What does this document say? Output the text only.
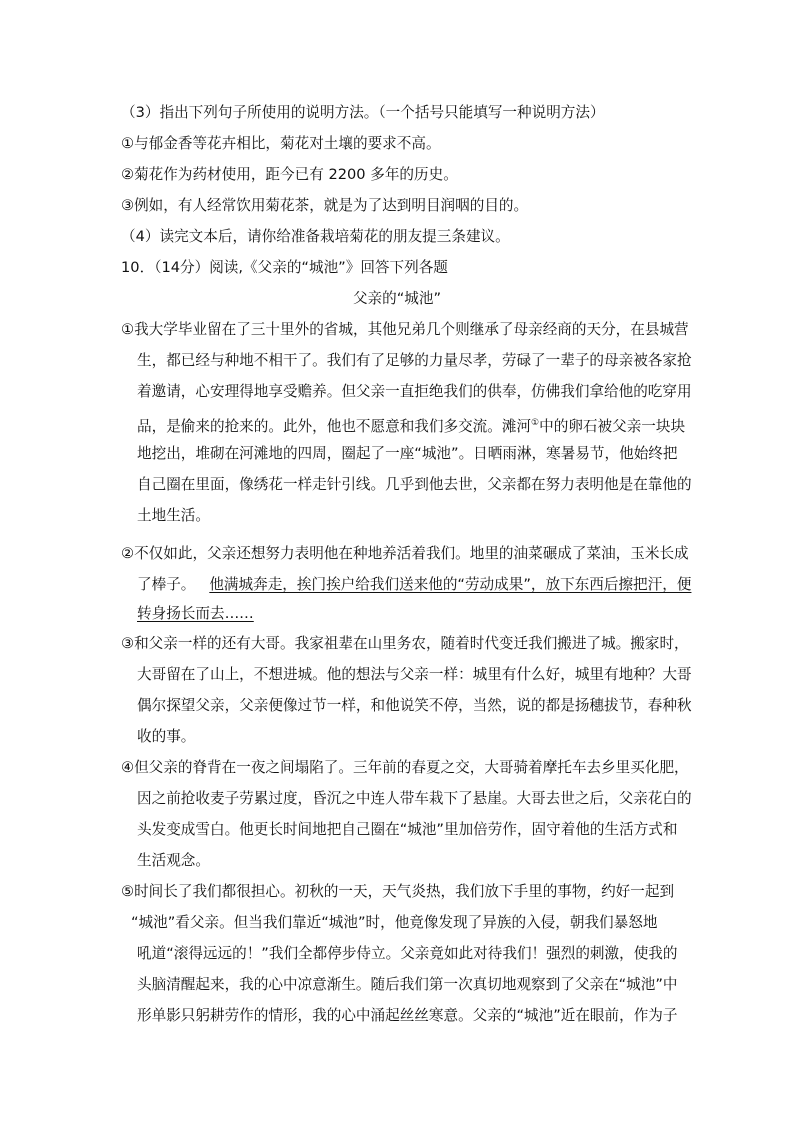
（3）指出下列句子所使用的说明方法。（一个括号只能填写一种说明方法）
①与郁金香等花卉相比，菊花对土壤的要求不高。
②菊花作为药材使用，距今已有 2200 多年的历史。
③例如，有人经常饮用菊花茶，就是为了达到明目润咽的目的。
（4）读完文本后，请你给准备栽培菊花的朋友提三条建议。
10．（14分）阅读,《父亲的“城池”》回答下列各题
父亲的“城池”
①我大学毕业留在了三十里外的省城，其他兄弟几个则继承了母亲经商的天分，在县城营
生，都已经与种地不相干了。我们有了足够的力量尽孝，劳碌了一辈子的母亲被各家抢
着邀请，心安理得地享受赡养。但父亲一直拒绝我们的供奉，仿佛我们拿给他的吃穿用
品，是偷来的抢来的。此外，他也不愿意和我们多交流。滩河①中的卵石被父亲一块块
地挖出，堆砌在河滩地的四周，圈起了一座“城池”。日晒雨淋，寒暑易节，他始终把
自己圈在里面，像绣花一样走针引线。几乎到他去世，父亲都在努力表明他是在靠他的
土地生活。
②不仅如此，父亲还想努力表明他在种地养活着我们。地里的油菜碾成了菜油，玉米长成
了棒子。 他满城奔走，挨门挨户给我们送来他的“劳动成果”，放下东西后擦把汗，便
转身扬长而去……
③和父亲一样的还有大哥。我家祖辈在山里务农，随着时代变迁我们搬进了城。搬家时，
大哥留在了山上，不想进城。他的想法与父亲一样：城里有什么好，城里有地种？大哥
偶尔探望父亲，父亲便像过节一样，和他说笑不停，当然，说的都是扬穗拔节，春种秋
收的事。
④但父亲的脊背在一夜之间塌陷了。三年前的春夏之交，大哥骑着摩托车去乡里买化肥，
因之前抢收麦子劳累过度，昏沉之中连人带车栽下了悬崖。大哥去世之后，父亲花白的
头发变成雪白。他更长时间地把自己圈在“城池”里加倍劳作，固守着他的生活方式和
生活观念。
⑤时间长了我们都很担心。初秋的一天，天气炎热，我们放下手里的事物，约好一起到
“城池”看父亲。但当我们靠近“城池”时，他竟像发现了异族的入侵，朝我们暴怒地
吼道“滚得远远的！”我们全都停步侍立。父亲竟如此对待我们！强烈的刺激，使我的
头脑清醒起来，我的心中凉意渐生。随后我们第一次真切地观察到了父亲在“城池”中
形单影只躬耕劳作的情形，我的心中涌起丝丝寒意。父亲的“城池”近在眼前，作为子
